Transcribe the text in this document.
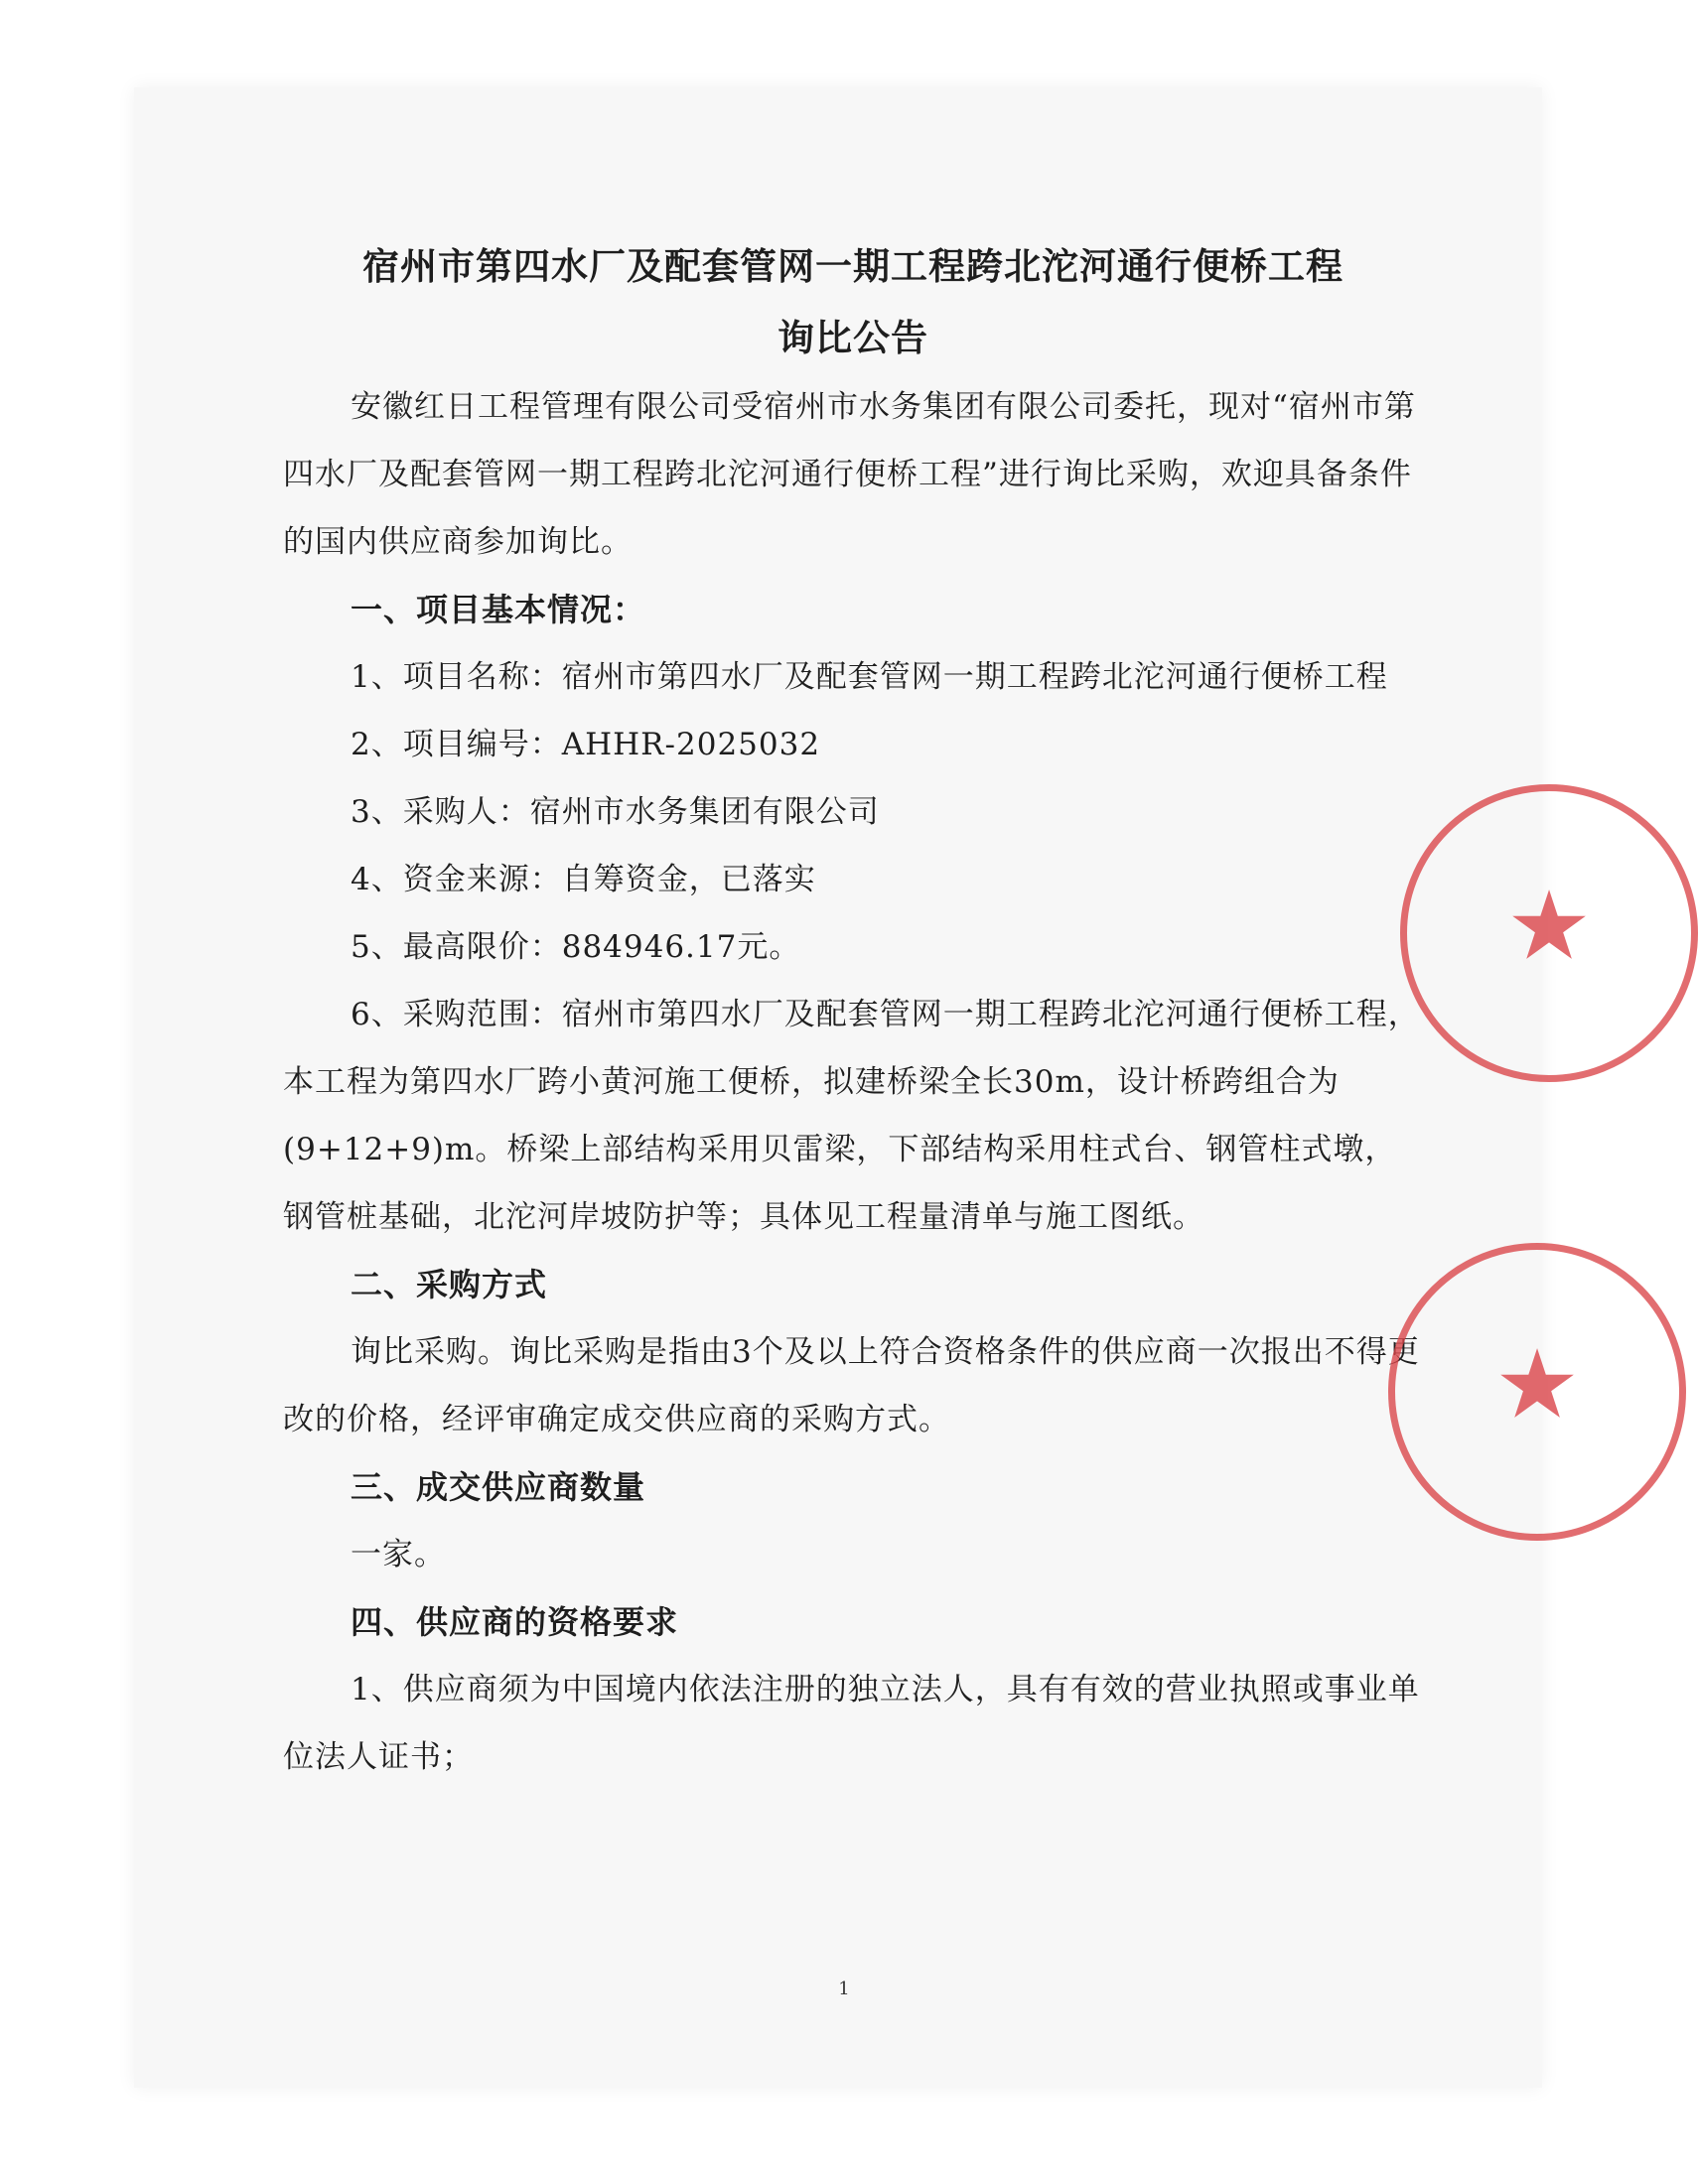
宿州市第四水厂及配套管网一期工程跨北沱河通行便桥工程

询比公告

安徽红日工程管理有限公司受宿州市水务集团有限公司委托，现对“宿州市第四水厂及配套管网一期工程跨北沱河通行便桥工程”进行询比采购，欢迎具备条件的国内供应商参加询比。

一、项目基本情况：

1、项目名称：宿州市第四水厂及配套管网一期工程跨北沱河通行便桥工程

2、项目编号：AHHR-2025032

3、采购人：宿州市水务集团有限公司

4、资金来源：自筹资金，已落实

5、最高限价：884946.17元。

6、采购范围：宿州市第四水厂及配套管网一期工程跨北沱河通行便桥工程，本工程为第四水厂跨小黄河施工便桥，拟建桥梁全长30m，设计桥跨组合为(9+12+9)m。桥梁上部结构采用贝雷梁，下部结构采用柱式台、钢管柱式墩，钢管桩基础，北沱河岸坡防护等；具体见工程量清单与施工图纸。

二、采购方式

询比采购。询比采购是指由3个及以上符合资格条件的供应商一次报出不得更改的价格，经评审确定成交供应商的采购方式。

三、成交供应商数量

一家。

四、供应商的资格要求

1、供应商须为中国境内依法注册的独立法人，具有有效的营业执照或事业单位法人证书；

★
★
1
